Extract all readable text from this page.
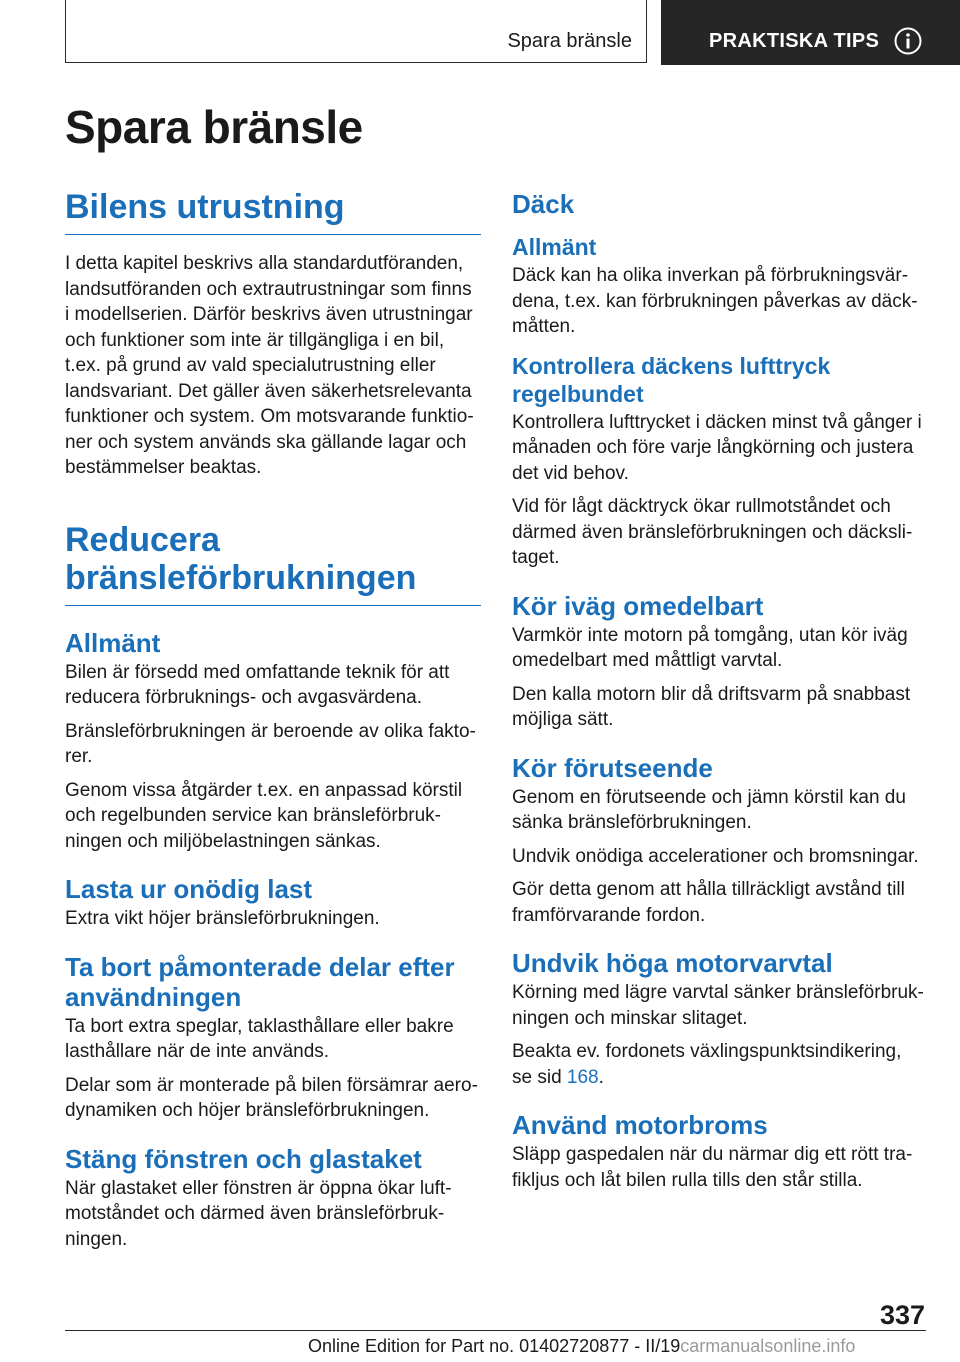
Spara bränsle	PRAKTISKA TIPS
Spara bränsle
Bilens utrustning

I detta kapitel beskrivs alla standardutföranden, landsutföranden och extrautrustningar som finns i modellserien. Därför beskrivs även utrustningar och funktioner som inte är tillgängliga i en bil, t.ex. på grund av vald specialutrustning eller landsvariant. Det gäller även säkerhetsrelevanta funktioner och system. Om motsvarande funktioner och system används ska gällande lagar och bestämmelser beaktas.

Reducera bränsleförbrukningen
Allmänt

Bilen är försedd med omfattande teknik för att reducera förbruknings- och avgasvärdena.

Bränsleförbrukningen är beroende av olika faktorer.

Genom vissa åtgärder t.ex. en anpassad körstil och regelbunden service kan bränsleförbrukningen och miljöbelastningen sänkas.

Lasta ur onödig last

Extra vikt höjer bränsleförbrukningen.

Ta bort påmonterade delar efter användningen

Ta bort extra speglar, taklasthållare eller bakre lasthållare när de inte används.

Delar som är monterade på bilen försämrar aerodynamiken och höjer bränsleförbrukningen.

Stäng fönstren och glastaket

När glastaket eller fönstren är öppna ökar luftmotståndet och därmed även bränsleförbrukningen.

Däck
Allmänt

Däck kan ha olika inverkan på förbrukningsvärdena, t.ex. kan förbrukningen påverkas av däckmåtten.

Kontrollera däckens lufttryck regelbundet

Kontrollera lufttrycket i däcken minst två gånger i månaden och före varje långkörning och justera det vid behov.

Vid för lågt däcktryck ökar rullmotståndet och därmed även bränsleförbrukningen och däckslitaget.

Kör iväg omedelbart

Varmkör inte motorn på tomgång, utan kör iväg omedelbart med måttligt varvtal.

Den kalla motorn blir då driftsvarm på snabbast möjliga sätt.

Kör förutseende

Genom en förutseende och jämn körstil kan du sänka bränsleförbrukningen.

Undvik onödiga accelerationer och bromsningar.

Gör detta genom att hålla tillräckligt avstånd till framförvarande fordon.

Undvik höga motorvarvtal

Körning med lägre varvtal sänker bränsleförbrukningen och minskar slitaget.

Beakta ev. fordonets växlingspunktsindikering, se sid 168.

Använd motorbroms

Släpp gaspedalen när du närmar dig ett rött trafikljus och låt bilen rulla tills den står stilla.

337
Online Edition for Part no. 01402720877 - II/19carmanualsonline.info
